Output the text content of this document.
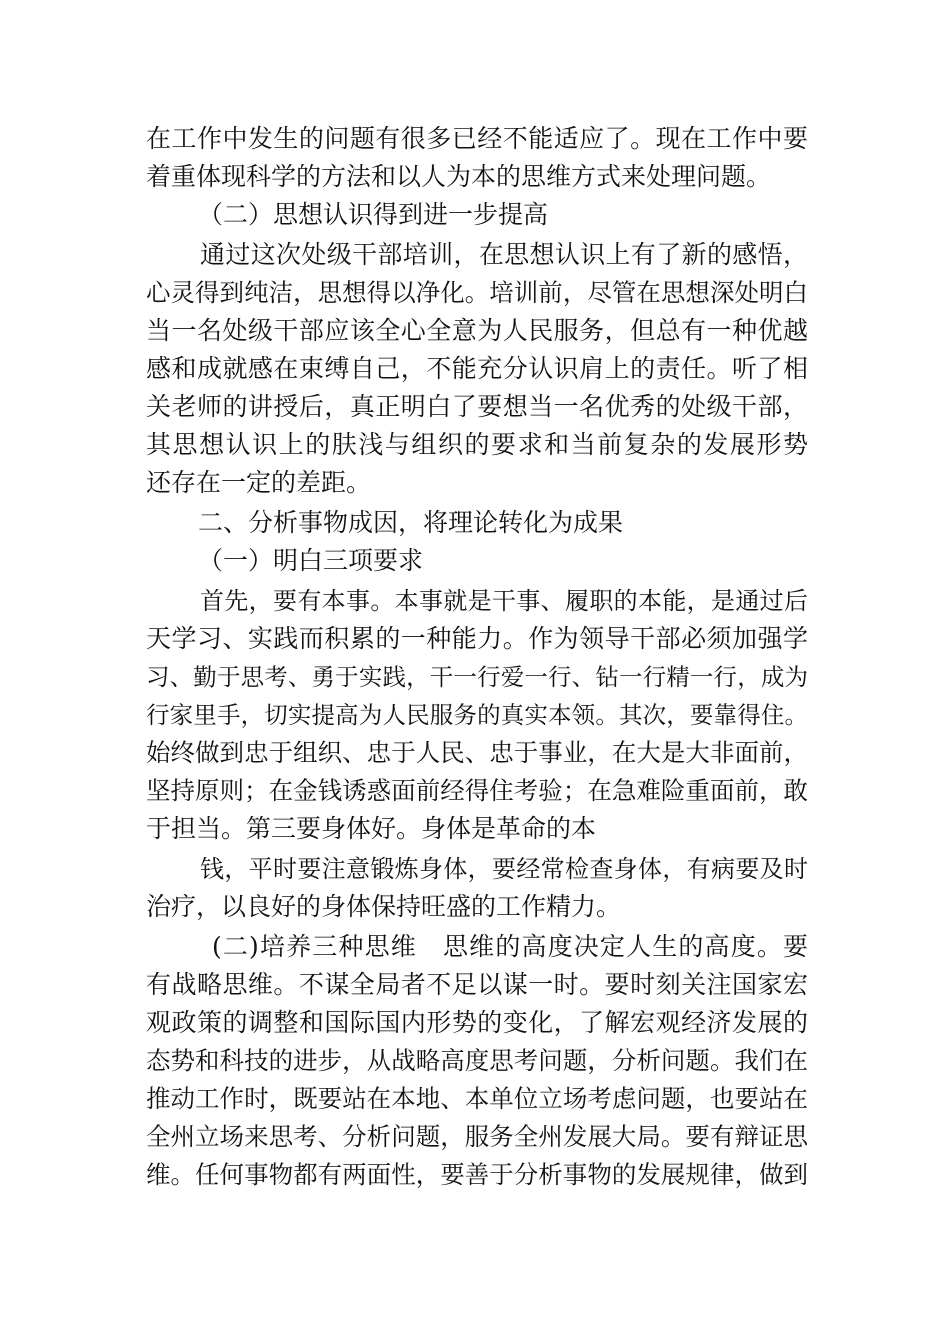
在工作中发生的问题有很多已经不能适应了。现在工作中要

着重体现科学的方法和以人为本的思维方式来处理问题。

（二）思想认识得到进一步提高

通过这次处级干部培训，在思想认识上有了新的感悟，

心灵得到纯洁，思想得以净化。培训前，尽管在思想深处明白

当一名处级干部应该全心全意为人民服务，但总有一种优越

感和成就感在束缚自己，不能充分认识肩上的责任。听了相

关老师的讲授后，真正明白了要想当一名优秀的处级干部，

其思想认识上的肤浅与组织的要求和当前复杂的发展形势

还存在一定的差距。

二、分析事物成因，将理论转化为成果

（一）明白三项要求

首先，要有本事。本事就是干事、履职的本能，是通过后

天学习、实践而积累的一种能力。作为领导干部必须加强学

习、勤于思考、勇于实践，干一行爱一行、钻一行精一行，成为

行家里手，切实提高为人民服务的真实本领。其次，要靠得住。

始终做到忠于组织、忠于人民、忠于事业，在大是大非面前，

坚持原则；在金钱诱惑面前经得住考验；在急难险重面前，敢

于担当。第三要身体好。身体是革命的本

钱，平时要注意锻炼身体，要经常检查身体，有病要及时

治疗，以良好的身体保持旺盛的工作精力。

(二)培养三种思维　思维的高度决定人生的高度。要

有战略思维。不谋全局者不足以谋一时。要时刻关注国家宏

观政策的调整和国际国内形势的变化，了解宏观经济发展的

态势和科技的进步，从战略高度思考问题，分析问题。我们在

推动工作时，既要站在本地、本单位立场考虑问题，也要站在

全州立场来思考、分析问题，服务全州发展大局。要有辩证思

维。任何事物都有两面性，要善于分析事物的发展规律，做到
